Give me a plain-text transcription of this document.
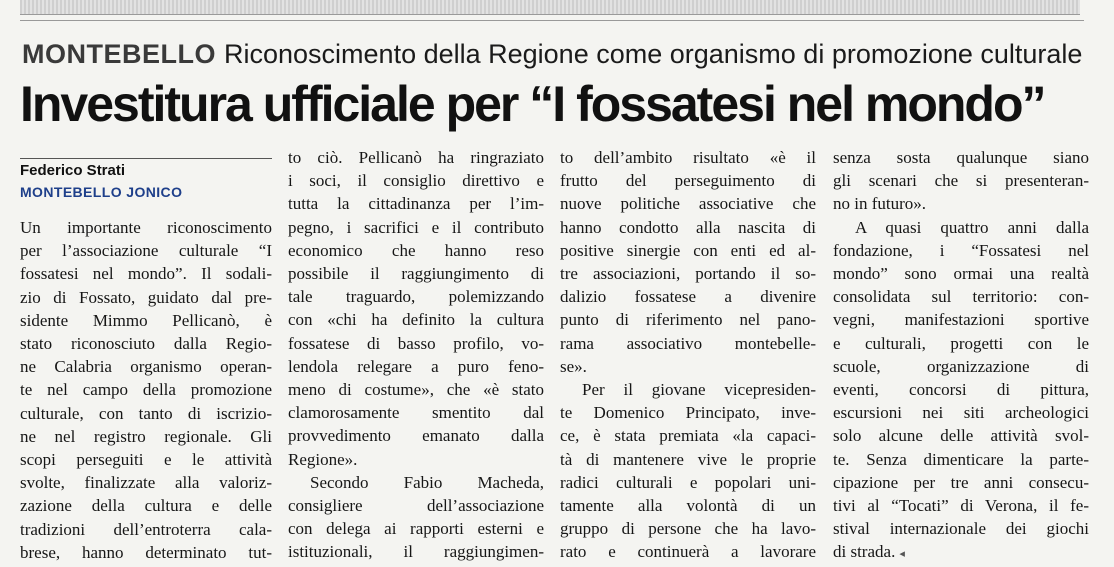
MONTEBELLO Riconoscimento della Regione come organismo di promozione culturale
Investitura ufficiale per “I fossatesi nel mondo”
Federico Strati
MONTEBELLO JONICO

Un importante riconoscimento
per l’associazione culturale “I
fossatesi nel mondo”. Il sodali-
zio di Fossato, guidato dal pre-
sidente Mimmo Pellicanò, è
stato riconosciuto dalla Regio-
ne Calabria organismo operan-
te nel campo della promozione
culturale, con tanto di iscrizio-
ne nel registro regionale. Gli
scopi perseguiti e le attività
svolte, finalizzate alla valoriz-
zazione della cultura e delle
tradizioni dell’entroterra cala-
brese, hanno determinato tut-

to ciò. Pellicanò ha ringraziato
i soci, il consiglio direttivo e
tutta la cittadinanza per l’im-
pegno, i sacrifici e il contributo
economico che hanno reso
possibile il raggiungimento di
tale traguardo, polemizzando
con «chi ha definito la cultura
fossatese di basso profilo, vo-
lendola relegare a puro feno-
meno di costume», che «è stato
clamorosamente smentito dal
provvedimento emanato dalla
Regione».

Secondo Fabio Macheda,
consigliere dell’associazione
con delega ai rapporti esterni e
istituzionali, il raggiungimen-

to dell’ambito risultato «è il
frutto del perseguimento di
nuove politiche associative che
hanno condotto alla nascita di
positive sinergie con enti ed al-
tre associazioni, portando il so-
dalizio fossatese a divenire
punto di riferimento nel pano-
rama associativo montebelle-
se».

Per il giovane vicepresiden-
te Domenico Principato, inve-
ce, è stata premiata «la capaci-
tà di mantenere vive le proprie
radici culturali e popolari uni-
tamente alla volontà di un
gruppo di persone che ha lavo-
rato e continuerà a lavorare

senza sosta qualunque siano
gli scenari che si presenteran-
no in futuro».

A quasi quattro anni dalla
fondazione, i “Fossatesi nel
mondo” sono ormai una realtà
consolidata sul territorio: con-
vegni, manifestazioni sportive
e culturali, progetti con le
scuole, organizzazione di
eventi, concorsi di pittura,
escursioni nei siti archeologici
solo alcune delle attività svol-
te. Senza dimenticare la parte-
cipazione per tre anni consecu-
tivi al “Tocati” di Verona, il fe-
stival internazionale dei giochi
di strada. ◂
